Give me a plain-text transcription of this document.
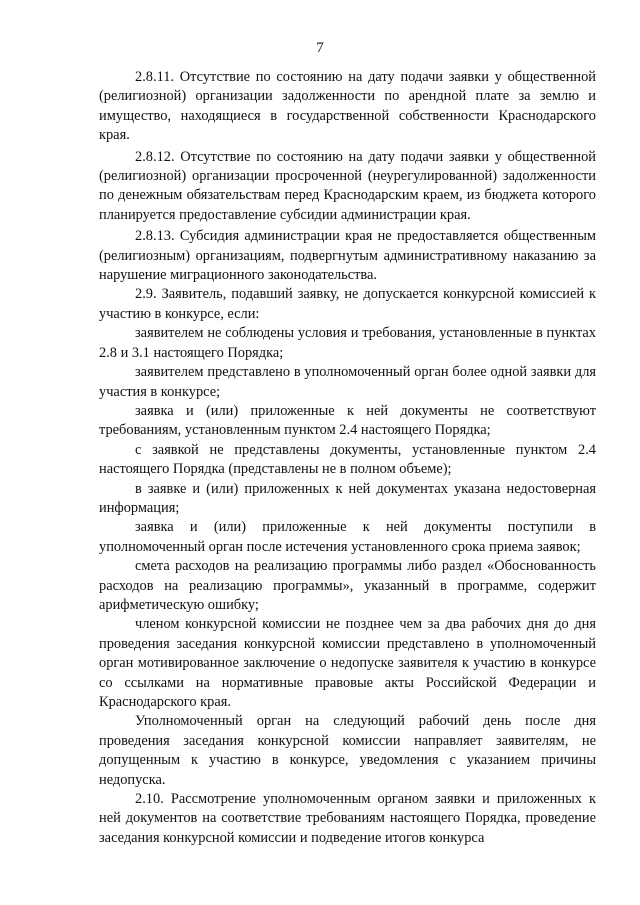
7

2.8.11. Отсутствие по состоянию на дату подачи заявки у общественной (религиозной) организации задолженности по арендной плате за землю и имущество, находящиеся в государственной собственности Краснодарского края.

2.8.12. Отсутствие по состоянию на дату подачи заявки у общественной (религиозной) организации просроченной (неурегулированной) задолженности по денежным обязательствам перед Краснодарским краем, из бюджета которого планируется предоставление субсидии администрации края.

2.8.13. Субсидия администрации края не предоставляется общественным (религиозным) организациям, подвергнутым административному наказанию за нарушение миграционного законодательства.

2.9. Заявитель, подавший заявку, не допускается конкурсной комиссией к участию в конкурсе, если:

заявителем не соблюдены условия и требования, установленные в пунктах 2.8 и 3.1 настоящего Порядка;

заявителем представлено в уполномоченный орган более одной заявки для участия в конкурсе;

заявка и (или) приложенные к ней документы не соответствуют требованиям, установленным пунктом 2.4 настоящего Порядка;

с заявкой не представлены документы, установленные пунктом 2.4 настоящего Порядка (представлены не в полном объеме);

в заявке и (или) приложенных к ней документах указана недостоверная информация;

заявка и (или) приложенные к ней документы поступили в уполномоченный орган после истечения установленного срока приема заявок;

смета расходов на реализацию программы либо раздел «Обоснованность расходов на реализацию программы», указанный в программе, содержит арифметическую ошибку;

членом конкурсной комиссии не позднее чем за два рабочих дня до дня проведения заседания конкурсной комиссии представлено в уполномоченный орган мотивированное заключение о недопуске заявителя к участию в конкурсе со ссылками на нормативные правовые акты Российской Федерации и Краснодарского края.

Уполномоченный орган на следующий рабочий день после дня проведения заседания конкурсной комиссии направляет заявителям, не допущенным к участию в конкурсе, уведомления с указанием причины недопуска.

2.10. Рассмотрение уполномоченным органом заявки и приложенных к ней документов на соответствие требованиям настоящего Порядка, проведение заседания конкурсной комиссии и подведение итогов конкурса
